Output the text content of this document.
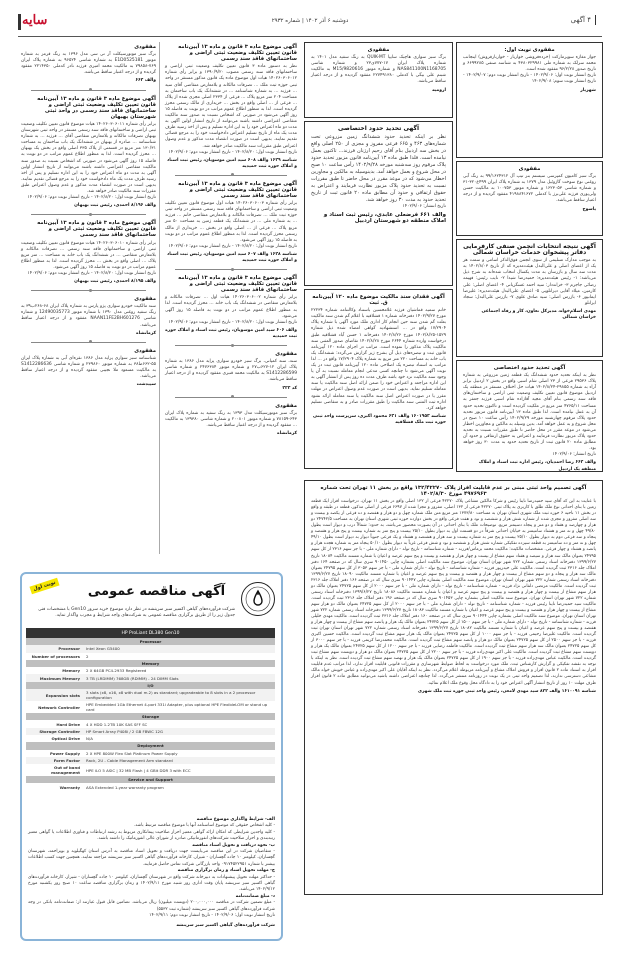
سایه	دوشنبه ۶ آذر ۱۴۰۲ | شماره ۲۹۳۲	۴ آگهی
مفقودی نوبت اول:
جواز مغازه سوپرمارکت (خرده‌فروشی خواربار - خواربارفروش) اینجانب محمد سرلک به شماره ملی ۴۳۸۰۳۲۹۹۸۱ به شناسه صنفی ۶۶۹۹۲۸۵ و تاریخ صدور ۹۶/۲/۲۸ مفقود شده است.
تاریخ انتشار نوبت اول: ۱۴۰۲/۹/۰۶ - تاریخ انتشار نوبت دوم: ۱۴۰۲/۹/۰۷ - تاریخ انتشار نوبت سوم: ۱۴۰۲/۹/۰۸
شهریار
مفقودی
برگ سبز کامیون کمپرسی سیستم بنز تیپ آل ۹۹/۱۶۲۴۳۱۲ به رنگ آبی روغنی نوع سوخت گازوئیل مدل ۱۳۷۹ به شماره پلاک ایران ۴۹۹ع۳۲۰-۳۱ و شماره شاسی ۱۶۲۳۰۵۳ و شماره موتور ۱۰۰۷۵۳ به مالکیت حسن ولی‌پوری فرزند علی‌برز با کدملی ۴۱۹۸۸۴۱۶۷۲ مفقود گردیده و از درجه اعتبار ساقط می‌باشد.
یاسوج
آگهی نتیجه انتخابات انجمن صنفی کارفرمایی دفاتر پیشخوان خدمات خراسان شمالی
به موجب مدارک تسلیمی از سوی انجمن فوق‌الذکر اسامی و سمت هر یک از اعضای اصلی و علی‌البدل هیئت‌مدیره که از تاریخ ۱۴۰۲/۸/۰۳ به مدت سه سال و بازرسان به مدت یکسال انتخاب شده‌اند به شرح ذیل می‌باشد: ۱- رئیس هیئت‌مدیره: حمیدرضا شیدا ۲- نایب رئیس: فهیمه رضائی جاجرم ۳- خزانه‌دار: سید احمد عسگریانی ۴- اعضای اصلی: علی کارمین، میلاد آقایی دیزانلویی ۵- اعضای علی‌البدل هیئت‌مدیره: علیرضا ایمانپور ۶- بازرس اصلی: سید صادق علوی ۷- بازرس علی‌البدل: سجاد ایزانلو
مهدی اسلام‌خواه، مدیرکل تعاون، کار و رفاه اجتماعی خراسان شمالی
آگهی تحدید حدود اختصاصی
نظر به اینکه تحدید حدود ششدانگ یک قطعه زمین مزروعی به شماره پلاک ۲۹۵۳۶ فرعی از ۲۳ اصلی شام اسبی واقع در بخش ۲ اردبیل برابر آراء به شماره ۲۹۸۵۵-۱۴۰۲/۸/۲۴ هیات حل اختلاف مستقر در منطقه یک اردبیل موضوع قانون تعیین تکلیف وضعیت ثبتی اراضی و ساختمان‌های فاقد سند رسمی بنام آقای مجید آقازاده شام اسبی فرزند جعفر به مساحت ۴۷۶۵/۱۱ متر مربع در ملکیت گردیده است و تاکنون تحدید حدود آن به عمل نیامده است. لذا طبق ماده ۱۳ آیین‌نامه قانون مزبور تحدید حدود پلاک مرقوم چهارشنبه مورخه ۱۴۰۲/۹/۲۹ رأس ساعت ۱۰ صبح در محل شروع و به عمل خواهد آمد. بدین وسیله به مالکین و مجاورین اخطار می‌شود در موعد مقرر در محل حاضر تا طبق مقررات نسبت به تحدید حدود پلاک مزبور نظارت فرمایند و اعتراض به حقوق ارتفاقی و حدود آن مطابق ماده ۲۰ قانون ثبت از تاریخ تحدید حدود به مدت ۳۰ روز خواهد بود.
تاریخ انتشار: ۱۴۰۲/۹/۰۶
والف ۶۶۲ رضا احمدیان، رئیس اداره ثبت اسناد و املاک منطقه یک اردبیل
مفقودی
برگ سبز سواری هاچبک سایپا QUIK-MT به رنگ سفید مدل ۱۴۰۱ به شماره پلاک ایران ۱۷-۷۷۷ی۲۳ و شماره شاسی NAS841100N1168705 و شماره موتور M15/9820616 به مالکیت شبنم علی بیگی با کدملی ۲۲۷۴۹۱۳۸۰ مفقود گردیده و از درجه اعتبار ساقط می‌باشد.
ارومیه
آگهی تحدید حدود اختصاصی
نظر بر اینکه تحدید حدود ششدانگ زمین مزروعی تحت شماره‌های ۴۶۳ و ۶۶۵ فرعی مفروز و مجزی از ۲۵۰ اصلی واقع در بخش سه اردبیل بنام آقای رحیم ارژنان فرزند… تاکنون بعمل نیامده است. فلذا طبق ماده ۱۳ آیین‌نامه قانون مزبور تحدید حدود پلاک مرقوم روز سه‌شنبه مورخه ۱۴۰۲/۹/۲۸ رأس ساعت ۱۰ صبح در محل شروع و بعمل خواهد آمد. بدینوسیله به مالکین و مجاورین اخطار می‌شود که در موعد مقرر در محل حاضر تا طبق مقررات نسبت به تحدید حدود پلاک مزبور نظارت فرمایند و اعتراض به حقوق ارتفاقی و حدود آن مطابق ماده ۲۰ قانون ثبت از تاریخ تحدید حدود به مدت ۳۰ روز خواهد شد.
تاریخ انتشار: ۱۴۰۲/۹/۰۶
والف ۶۶۱ فرضعلی عابدی، رئیس ثبت اسناد و املاک منطقه دو شهرستان اردبیل
آگهی فقدان سند مالکیت موضوع ماده ۱۲۰ آیین‌نامه ق. ثبت
خانم سمیه قماشیان فرزند غلامحسین باستناد وکالتنامه شماره ۲۲۲۳۴ مورخ ۱۴۰۲/۹/۲۷ دفترخانه شماره ۱ قشلاقیه با اعلام گم شدن سند مالکیت بعلت گم شدن سند حین انجام کار اداری ملک مورد آگهی با شماره پلاک ۱۷/۲۹۰۴ واقع در … استشهادیه گواهی امضاء شده ذیل شماره ۱۵۲۹-۱۴۰۲/۸/۲۵ مورخ ۱۴۰۲/۸/۲۶ دفترخانه ۱ حسن آباد قشلاقیه طبق درخواست وارده شماره ۲۶۴۴ مورخ ۱۴۰۲/۸/۲۸ تقاضای صدور المثنی سند مالکیت پلاک مذکور را نموده است. مراتب در اجرای ماده ۱۲۰ آیین‌نامه قانون ثبت و تبصره‌های ذیل آن بشرح زیر گزارش می‌گردد: ششدانگ یک باب خانه به مساحت ۲۲۰ متر مربع به شماره پلاک ۱۷/۲۹۰۴ واقع در … لذا مراتب به استناد تبصره یک اصلاحی ماده ۱۲۰ آیین‌نامه قانون ثبت در یک نوبت آگهی می‌شود تا چنانچه کسی مدعی انجام معامله نسبت به آن یا وجود سند مالکیت نزد خود باشد ظرف مدت ده روز پس از انتشار آگهی به این اداره مراجعه و اعتراض خود را ضمن ارائه اصل سند مالکیت یا سند معامله تسلیم نماید. بدیهی است در صورت عدم وصول اعتراض در مهلت مقرر یا در صورت اعتراض اصل سند مالکیت یا سند معامله ارائه نشود اداره ثبت المثنی سند مالکیت را طبق مقررات صادر و به متقاضی تسلیم خواهد کرد.
شناسه ۱۶۰۱۹۵۳ والف ۶۳۱ محمود اکبری، سرپرست واحد ثبتی حوزه ثبت ملک قشلاقیه
آگهی موضوع ماده ۳ قانون و ماده ۱۳ آیین‌نامه قانون تعیین تکلیف وضعیت ثبتی اراضی و ساختمانهای فاقد سند رسمی
نظر به دستور ماده ۳ قانون تعیین تکلیف وضعیت ثبتی اراضی و ساختمانهای فاقد سند رسمی مصوب ۱۳۹۰/۹/۲۰ و برابر رأی شماره ۱۴۰۲۶۰۳۰۶۰۱۲ هیات اول موضوع ماده یک قانون مذکور مستقر در واحد ثبتی حوزه ثبت ملک … تصرفات مالکانه و بلامعارض متقاضی آقای سید … فرزند … به شماره شناسنامه … در ششدانگ یک باب ساختمان به مساحت ۲۰۴ متر مربع پلاک … فرعی از ۲۳۳۴ اصلی مجزی شده از پلاک … فرعی از … اصلی واقع در بخش … خریداری از مالک رسمی محرز گردیده است. لذا به منظور اطلاع عموم مراتب در دو نوبت به فاصله ۱۵ روز آگهی می‌شود در صورتی که اشخاص نسبت به صدور سند مالکیت متقاضی اعتراضی داشته باشند می‌توانند از تاریخ انتشار اولین آگهی به مدت دو ماه اعتراض خود را به این اداره تسلیم و پس از اخذ رسید ظرف مدت یک ماه از تاریخ تسلیم اعتراض دادخواست خود را به مرجع قضائی تقدیم نمایند. بدیهی است در صورت انقضاء مدت مذکور و عدم وصول اعتراض طبق مقررات سند مالکیت صادر خواهد شد.
تاریخ انتشار نوبت اول: ۱۴۰۲/۸/۲۰ - تاریخ انتشار نوبت دوم: ۱۴۰۲/۹/۰۶
شناسه ۱۶۲۹ والف ۶۰۸ سید امین موسویان، رئیس ثبت اسناد و املاک حوزه ثبت حمیدیه
آگهی موضوع ماده ۳ قانون و ماده ۱۳ آیین‌نامه قانون تعیین تکلیف وضعیت ثبتی اراضی و ساختمانهای فاقد سند رسمی
برابر رأی شماره ۱۴۰۲۶۰۳۰۶۰۰۳ هیات اول موضوع قانون تعیین تکلیف وضعیت ثبتی اراضی و ساختمانهای فاقد سند رسمی مستقر در واحد ثبتی حوزه ثبت ملک … تصرفات مالکانه و بلامعارض متقاضی خانم … فرزند … به شماره ملی … در ششدانگ یک قطعه زمین به مساحت ۵۰ متر مربع پلاک … فرعی از … اصلی واقع در بخش … خریداری از مالک رسمی محرز گردیده است. لذا به منظور اطلاع عموم مراتب در دو نوبت به فاصله ۱۵ روز آگهی می‌شود.
تاریخ انتشار نوبت اول: ۱۴۰۲/۸/۲۰ - تاریخ انتشار نوبت دوم: ۱۴۰۲/۹/۰۶
شناسه ۱۶۲۸ والف ۶۰۷ سید امین موسویان، رئیس ثبت اسناد و املاک حوزه ثبت حمیدیه
آگهی موضوع ماده ۳ قانون و ماده ۱۳ آیین‌نامه قانون تعیین تکلیف وضعیت ثبتی اراضی و ساختمانهای فاقد سند رسمی
برابر رأی شماره ۱۴۰۲۶۰۳۰۶۰۰۲ هیات اول … تصرفات مالکانه و بلامعارض متقاضی در ششدانگ یک باب خانه … محرز گردیده است. لذا به منظور اطلاع عموم مراتب در دو نوبت به فاصله ۱۵ روز آگهی می‌شود.
تاریخ انتشار نوبت اول: ۱۴۰۲/۸/۲۰ - تاریخ انتشار نوبت دوم: ۱۴۰۲/۹/۰۶
والف ۶۰۶ سید امین موسویان، رئیس ثبت اسناد و املاک حوزه ثبت حمیدیه
مفقودی
سند، سند کمپانی، برگ سبز خودرو سواری پراید مدل ۱۳۸۶ به شماره پلاک ایران ۱۲-۶۲۷ب۲۷ و شماره موتور ۲۴۷۶۳۸۴ و شماره شاسی S1412286599 به مالکیت محمد قنبری مفقود گردیده و از درجه اعتبار ساقط می‌باشد.
کد ۲۲۲
مفقودی
برگ سبز موتورسیکلت مدل ۱۳۹۳ به رنگ سفید به شماره پلاک ایران ۶۴۳-۷۸۱۵۹ و شماره موتور ۲۰۰۸۰۱ و شماره شاسی ۱۳۹۳۸۰ به مالکیت … مفقود گردیده و از درجه اعتبار ساقط می‌باشد.
کرمانشاه
مفقودی
برگ سبز موتورسیکلت آر تی سی مدل ۱۳۹۶ به رنگ قرمز به شماره موتور E1D0525181 به شماره شاسی ۹۶۵۲۴ به شماره پلاک ایران ۷۶۹-۷۹۸۵۸ به مالکیت محمد امیری فرزند نادر کدملی ۲۲۱۴۳۵۰ مفقود گردیده و از درجه اعتبار ساقط می‌باشد.
والف ۶۶۲
آگهی موضوع ماده ۳ قانون و ماده ۱۳ آیین‌نامه قانون تعیین تکلیف وضعیت ثبتی اراضی و ساختمانهای فاقد سند رسمی در واحد ثبتی شهرستان بهبهان
برابر رأی شماره ۱۴۰۲۶۰۳۰۶۰۱۱ هیات موضوع قانون تعیین تکلیف وضعیت ثبتی اراضی و ساختمانهای فاقد سند رسمی مستقر در واحد ثبتی شهرستان بهبهان تصرفات مالکانه و بلامعارض متقاضی آقای … فرزند … به شماره شناسنامه … صادره از بهبهان در ششدانگ یک باب ساختمان به مساحت ۱۳۰/۳۱ متر مربع در قسمتی از پلاک ۳۳۵ اصلی واقع در بخش یک بهبهان … محرز گردیده است. لذا به منظور اطلاع عموم مراتب در دو نوبت به فاصله ۱۵ روز آگهی می‌شود در صورتی که اشخاص نسبت به صدور سند مالکیت متقاضی اعتراضی داشته باشند می‌توانند از تاریخ انتشار اولین آگهی به مدت دو ماه اعتراض خود را به این اداره تسلیم و پس از اخذ رسید ظرف مدت یک ماه دادخواست خود را به مرجع قضائی تقدیم نمایند. بدیهی است در صورت انقضاء مدت مذکور و عدم وصول اعتراض طبق مقررات سند مالکیت صادر خواهد شد.
تاریخ انتشار نوبت اول: ۱۴۰۲/۸/۲۰ - تاریخ انتشار نوبت دوم: ۱۴۰۲/۹/۰۶
والف ۸/۱۹۶ احمدی، رئیس ثبت بهبهان
آگهی موضوع ماده ۳ قانون و ماده ۱۳ آیین‌نامه قانون تعیین تکلیف وضعیت ثبتی اراضی و ساختمانهای فاقد سند رسمی
برابر رأی شماره ۱۴۰۲۶۰۳۰۶۰۱۰ هیات موضوع قانون تعیین تکلیف وضعیت ثبتی اراضی و ساختمانهای فاقد سند رسمی … تصرفات مالکانه و بلامعارض متقاضی … در ششدانگ یک باب خانه به مساحت … متر مربع پلاک … اصلی واقع در بخش … محرز گردیده است. لذا به منظور اطلاع عموم مراتب در دو نوبت به فاصله ۱۵ روز آگهی می‌شود.
تاریخ انتشار نوبت اول: ۱۴۰۲/۸/۲۰ - تاریخ انتشار نوبت دوم: ۱۴۰۲/۹/۰۶
والف ۸/۱۹۵ احمدی، رئیس ثبت بهبهان
مفقودی
سند مالکیت خودرو سواری پژو پارس به شماره پلاک ایران ۶۸-۲۶۸ب۳۹ به رنگ سفید روغنی مدل ۱۳۹۰ با شماره موتور 12490035773 و شماره شاسی NAAN11FE2BH601276 مفقود و از درجه اعتبار ساقط می‌باشد.
کرمانشاه
مفقودی
شناسنامه سبز سواری پراید مدل ۱۳۸۶ نقره‌ای آبی به شماره پلاک ایران ۵۵-۶۶۲ط۳۸ به شماره موتور ۲۳۹۸۶۰ و شماره شاسی S1412286636 به مالکیت مسعود ملا نجیبی مفقود گردیده و از درجه اعتبار ساقط می‌باشد.
سپیدشت
نوبت اول	آگهی مناقصه عمومی
شرکت فرآورده‌های گیاهی اکسیر سبز سرینشه در نظر دارد موضوع خرید سرور Gen10 با مشخصات فنی جدول زیر را از طریق برگزاری مناقصه عمومی به شرکت‌های واجد شرایط و مجرب واگذار نماید.
HP ProLiant DL380 Gen10	
Processor	
Processor	Intel Xeon G5400
Number of processors	2
Memory	
Memory	2 X 64GB PC4-2933 Registered
Maximum Memory	3 TB (LRDIMM) 768GB (RDIMM) - 24 DIMM Slots
I/O	
Expansion slots	3 slots (x8, x16, x8 with dual m.2) as standard; upgradeable to 8 slots in a 2 processor configuration
Network Controller	HPE Embedded 1Gb Ethernet 4-port 331i Adapter, plus optional HPE FlexibleLOM or stand up card
Storage	
Hard Drive	4 X HDD 1.2TB 10K SAS SFF SC
Storage Controller	HP Smart Array P408i / 2 GB FBWC 12G
Optical Drive	N/A
Deployment	
Power Supply	2 X HPE 800W Flex Slot Platinum Power Supply
Form Factor	Rack, 2U - Cable Management Arm standard
Out of band management	HPE iLO 5 ASIC | 32 MB Flash | 4 GBit DDR 3 with ECC
Service and Support	
Warranty	ASA Extended 1-year warranty program
الف- شرایط واگذاری موضوع مناقصه
- کلیه اشخاص حقوقی که موضوع اساسنامه آنها با موضوع مناقصه مرتبط باشد.
- کلیه واجدین شرایطی که امکان ارائه گواهی معتبر احراز صلاحیت پیمانکاری مربوط به رشته ارتباطات و فناوری اطلاعات یا گواهی معتبر رتبه‌بندی و احراز صلاحیت شرکت‌های انفورماتیکی صادره از شورای عالی انفورماتیک را داشته باشند.
ب- نحوه دریافت و تحویل اسناد مناقصه
- متقاضیان شرکت در این مناقصه می‌بایست جهت دریافت و تحویل اسناد مناقصه به آدرس استان کهگیلویه و بویراحمد، شهرستان گچساران، کیلومتر ۱۰ جاده گچساران - شیراز، کارخانه فرآورده‌های گیاهی اکسیر سبز سرینشه مراجعه نمایند. همچنین جهت کسب اطلاعات بیشتر با شماره ۰۹۱۷۴۵۲۲۹۵۱ واحد بازرگانی شرکت تماس حاصل فرمایند.
ج- مهلت تحویل اسناد و زمان برگزاری مناقصه
- حداکثر مهلت تحویل پیشنهادات به دبیرخانه شرکت واقع در شهرستان گچساران، کیلومتر ۱۰ جاده گچساران - شیراز، کارخانه فرآورده‌های گیاهی اکسیر سبز سرینشه پایان وقت اداری روز شنبه مورخ ۱۴۰۲/۹/۱۱ و زمان برگزاری مناقصه ساعت ۱۰ صبح روز یکشنبه مورخ ۱۴۰۲/۹/۱۲ می‌باشد.
د- مبلغ ضمانت‌نامه
- مبلغ تضمین شرکت در مناقصه ۲۰۰,۰۰۰,۰۰۰ (دویست میلیون) ریال می‌باشد. تضامین قابل قبول عبارتند از: ضمانت‌نامه بانکی در وجه شرکت فرآورده‌های گیاهی اکسیر سبز سرینشه (شماره ثبت ۵۵۳۲)
تاریخ انتشار نوبت اول: ۱۴۰۲/۹/۰۶ - تاریخ انتشار نوبت دوم: ۱۴۰۲/۹/۱۱
شرکت فرآورده‌های گیاهی اکسیر سبز سرینشه
آگهی تصمیم واحد ثبتی مبنی بر عدم قابلیت افراز پلاک ۱۳۲/۴۲۲۷۰ واقع در بخش ۱۱ تهران تحت شماره ۴۹۷۶۹۶۳ مورخ ۱۴۰۲/۸/۳۰
با عنایت به این که آقای سید حمیدرضا ناینا رئیس و شرکا مالکین مشاعی پلاک ۴۲۲۷۰ فرعی از ۱۳۲ اصلی واقع در بخش ۱۱ تهران، درخواست افراز ایک قطعه زمین با بنای احداثی نوع ملک طلق با کاربری به پلاک ثبتی ۴۲۲۷۰ فرعی از ۱۳۲ اصلی، مفروز و مجزا شده از ۶۶۹۷ فرعی از اصلی مذکور، قطعه در طبقه و واقع در بخش ۱۱ ناحیه ۶ حوزه ثبت ملک شهری استان تهران به مساحت ۱۳۷۳/۸۰ متر مربع متن ملک شماره چهل و دو هزار و هفتصد و ده فرعی از یکصد و بیست و سه اصلی مفروز و مجزی شده از شماره شش هزار و ششصد و نود و هفت فرعی واقع در بخش دوازده حوزه ثبتی شهری استان تهران به مساحت ۲۴۷۴۲/۵ دو هزار و چهارصد و هفتاد و دو متر و پنجاه دسیمتر مربع. توضیحات ملک با بنای احداثی در آن بصورت محصور می‌باشد، به حدود: شمالاً درب و دیوار است بطول ۴۹/۸۰ چهل و نه متر و هشتاد سانتیمتر به خیابان احداثی شرقاً در دو قسمت اول به دیوار بطول ۲۵/۱۰ بیست و پنج متر به شماره بیست و پنج هزار و هفتصد و پنجاه و سه فرعی دوم به دیوار بطول ۲۵/۱۰ بیست و پنج متر به شماره بیست و سه هزار و هشتصد و هشتاد و یک فرعی جنوباً دیوار به دیوار است بطول ۴۹/۱۰ چهل و نه متر و ده سانتیمتر به قطعه سیزده تفکیکی شماره شش هزار و ششصد و نود و شش فرعی غرباً به دیوار بطول ۵۰/۱۰ پنجاه متر به شماره هجده هزار و پانصد و هشتاد و چهار فرعی. مشخصات مالکیت: مالکیت محمد برماس/فرزند - شماره شناسنامه - تاریخ تولد - دارای شماره ملی - با جز سهم ۲۳۱۶ از کل سهم ۲۴۷۹۵ بعنوان مالک سه هزار و سیصد و هفتاد سهم مشاع از بیست و چهار هزار و هفتصد و بیست و پنج سهم عرصه و اعیان با شماره مستند مالکیت ۱۸۰۸۴ تاریخ ۱۳۹۹/۶/۲۷ دفترخانه اسناد رسمی شماره ۷۲۲ شهر تهران استان تهران، موضوع سند مالکیت اصلی بشماره چاپی ۹۰۱۴۵۰ سری سال که در صفحه ۱۶۴ دفتر املاک جلد ۲۳۱۶ ثبت گردیده است. مالکیت علی حیدرپور فرزند - شماره شناسنامه - تاریخ تولد - دارای شماره ملی - با جز سهم ۳۰۵۳ از کل سهم ۲۴۷۹۵ بعنوان مالک سه هزار و پنجاه و دو سهم مشاع از بیست و چهار هزار و هفتصد و بیست و پنج سهم عرصه و اعیان با شماره مستند مالکیت ۱۸۰۹۰ تاریخ ۱۳۹۹/۶/۲۷ دفترخانه اسناد رسمی شماره ۷۲۲ شهر تهران استان تهران، موضوع سند مالکیت اصلی بشماره چاپی ۹۰۱۴۴۷ سری سال که در صفحه ۱۶۶ دفتر املاک جلد ۲۳۱۶ ثبت گردیده است. مالکیت مرتضی دلفانی نژاد فرزند - شماره شناسنامه - تاریخ تولد - دارای شماره ملی - با جز سهم ۲۰۰۰ از کل سهم ۲۴۷۲۵ بعنوان مالک دو هزار سهم مشاع از بیست و چهار هزار و هفتصد و بیست و پنج سهم عرصه و اعیان با شماره مستند مالکیت ۱۸۰۸۶ تاریخ ۱۳۹۹/۶/۲۷ دفترخانه اسناد رسمی شماره ۷۲۲ شهر تهران استان تهران، موضوع سند مالکیت اصلی بشماره چاپی ۹۰۱۴۵۳ سری سال که در صفحه ۱۹۶ دفتر املاک جلد ۲۳۱۶ ثبت گردیده است. مالکیت سید حمیدرضا ناینا رئیس فرزند - شماره شناسنامه - تاریخ تولد - دارای شماره ملی - با جز سهم ۲۰۰۰ از کل سهم ۲۴۷۲۵ بعنوان مالک دو هزار سهم مشاع از بیست و چهار هزار و هفتصد و بیست و پنج سهم عرصه و اعیان با شماره مستند مالکیت ۱۸۰۸۳ تاریخ ۱۳۹۹/۶/۲۷ دفترخانه اسناد رسمی شماره ۷۲۲ شهر تهران استان تهران، موضوع سند مالکیت اصلی بشماره چاپی ۹۰۱۴۴۴ سری سال که در صفحه ۱۶۰ دفتر املاک جلد ۲۳۱۶ ثبت گردیده است. مالکیت مهدی خلیلی فرزند - شماره شناسنامه - تاریخ تولد - دارای شماره ملی - با جز سهم ۱۵۰۰ از کل سهم ۲۴۷۲۵ بعنوان مالک یک هزار و پانصد سهم مشاع از بیست و چهار هزار و هفتصد و بیست و پنج سهم عرصه و اعیان با شماره مستند مالکیت ۱۸۰۸۲ تاریخ ۱۳۹۹/۶/۲۷ دفترخانه اسناد رسمی شماره ۷۲۲ شهر تهران استان تهران ثبت گردیده است. مالکیت علیرضا رحیمی فرزند - با جز سهم ۱۰۰۰ از کل سهم ۲۴۷۲۵ بعنوان مالک یک هزار سهم مشاع ثبت گردیده است. مالکیت حسین اکبری فرزند - با جز سهم ۲۵۰۰ از کل سهم ۲۴۷۲۵ بعنوان مالک دو هزار و پانصد سهم مشاع ثبت گردیده است. مالکیت محمدرضا کریمی فرزند - با جز سهم ۳۰۰۰ از کل سهم ۲۴۷۲۵ بعنوان مالک سه هزار سهم مشاع ثبت گردیده است. مالکیت فاطمه رضایی فرزند - با جز سهم ۱۲۰۰ از کل سهم ۲۴۷۲۵ بعنوان مالک یک هزار و دویست سهم مشاع ثبت گردیده است. مالکیت علی اکبر مهدی‌زاده فرزند - با جز سهم ۲۲۰۰ از کل سهم ۲۴۷۲۵ بعنوان مالک دو هزار و دویست سهم مشاع ثبت گردیده است. مالکیت عباس مهدی‌زاده فرزند - با جز سهم ۱۹۰۰ از کل سهم ۲۴۷۲۵ بعنوان مالک یک هزار و نهصد سهم مشاع ثبت گردیده است. نظر به اینکه با توجه به نقشه تفکیکی و گزارش کارشناس ثبت، ملک مورد درخواست به لحاظ ضوابط شهرسازی و مقررات قانونی قابلیت افراز ندارد، لذا مراتب عدم قابلیت افراز به استناد ماده ۲ قانون افراز و فروش املاک مشاع و آیین‌نامه مربوطه اعلام می‌گردد. نظر به اینکه آقایان علی اکبر مهدی‌زاده و عباس خویش خواه مالک مشاعی دسترسی ندارند، لذا تصمیم واحد ثبتی در یک نوبت در روزنامه منتشر می‌گردد. لذا چنانچه اعتراضی داشته باشید می‌توانید مطابق ماده ۲ قانون افراز ظرف مهلت ۱۰ روز از تاریخ انتشار آگهی اعتراض خود را به دادگاه محل وقوع ملک اعلام نمائید.
شناسه ۱۶۱۰۰۹۱ والف ۸۳۳ سید مهدی لامعی، رئیس واحد ثبتی حوزه ثبت ملک شهری
